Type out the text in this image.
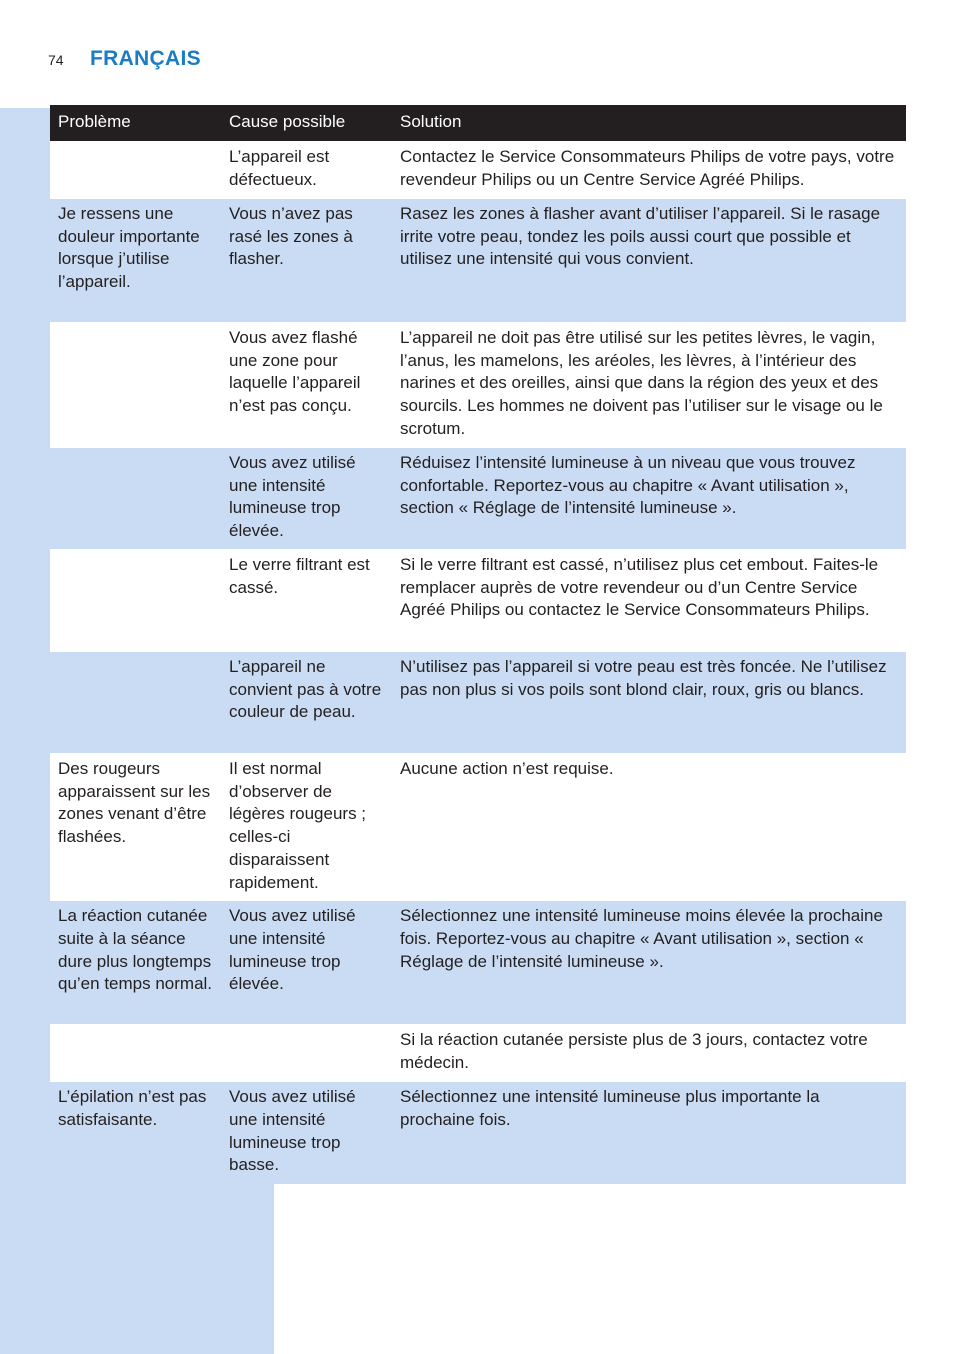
74 FRANÇAIS
Problème	Cause possible	Solution
	L’appareil est défectueux.	Contactez le Service Consommateurs Philips de votre pays, votre revendeur Philips ou un Centre Service Agréé Philips.
Je ressens une douleur importante lorsque j’utilise l’appareil.	Vous n’avez pas rasé les zones à flasher.	Rasez les zones à flasher avant d’utiliser l’appareil. Si le rasage irrite votre peau, tondez les poils aussi court que possible et utilisez une intensité qui vous convient.
	Vous avez flashé une zone pour laquelle l’appareil n’est pas conçu.	L’appareil ne doit pas être utilisé sur les petites lèvres, le vagin, l’anus, les mamelons, les aréoles, les lèvres, à l’intérieur des narines et des oreilles, ainsi que dans la région des yeux et des sourcils. Les hommes ne doivent pas l’utiliser sur le visage ou le scrotum.
	Vous avez utilisé une intensité lumineuse trop élevée.	Réduisez l’intensité lumineuse à un niveau que vous trouvez confortable. Reportez-vous au chapitre « Avant utilisation », section « Réglage de l’intensité lumineuse ».
	Le verre filtrant est cassé.	Si le verre filtrant est cassé, n’utilisez plus cet embout. Faites-le remplacer auprès de votre revendeur ou d’un Centre Service Agréé Philips ou contactez le Service Consommateurs Philips.
	L’appareil ne convient pas à votre couleur de peau.	N’utilisez pas l’appareil si votre peau est très foncée. Ne l’utilisez pas non plus si vos poils sont blond clair, roux, gris ou blancs.
Des rougeurs apparaissent sur les zones venant d’être flashées.	Il est normal d’observer de légères rougeurs ; celles-ci disparaissent rapidement.	Aucune action n’est requise.
La réaction cutanée suite à la séance dure plus longtemps qu’en temps normal.	Vous avez utilisé une intensité lumineuse trop élevée.	Sélectionnez une intensité lumineuse moins élevée la prochaine fois. Reportez-vous au chapitre « Avant utilisation », section « Réglage de l’intensité lumineuse ».
		Si la réaction cutanée persiste plus de 3 jours, contactez votre médecin.
L’épilation n’est pas satisfaisante.	Vous avez utilisé une intensité lumineuse trop basse.	Sélectionnez une intensité lumineuse plus importante la prochaine fois.
